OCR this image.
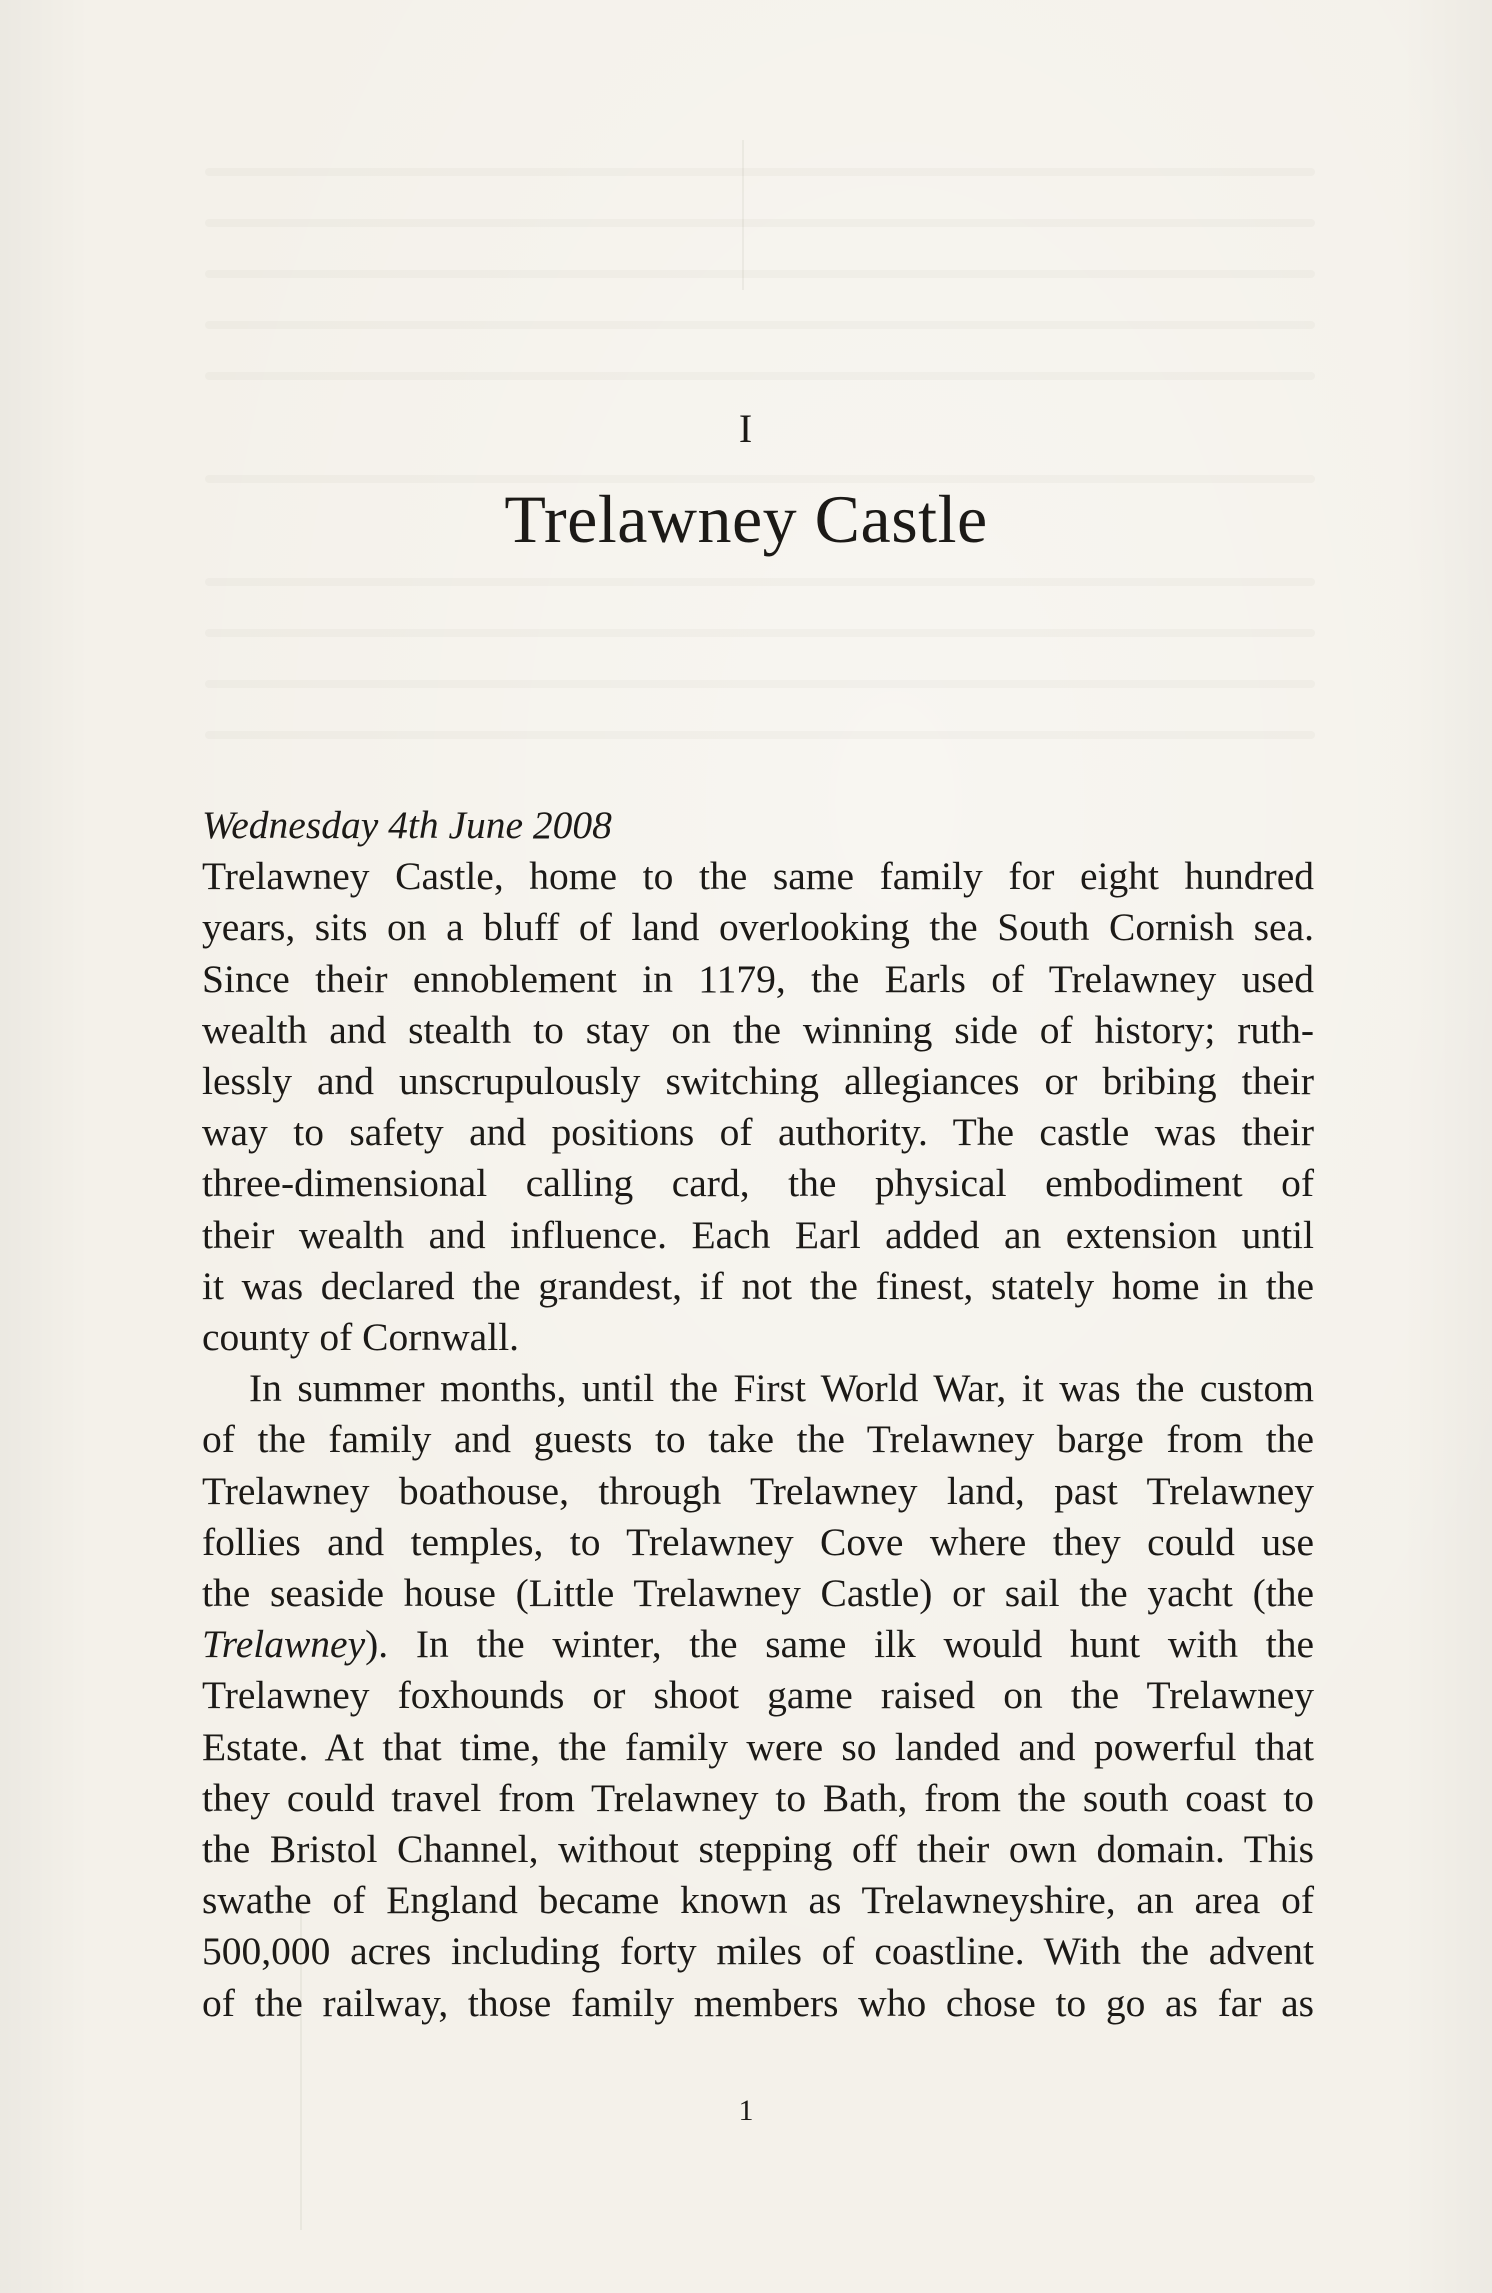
I
Trelawney Castle
Wednesday 4th June 2008
Trelawney Castle, home to the same family for eight hundred
years, sits on a bluff of land overlooking the South Cornish sea.
Since their ennoblement in 1179, the Earls of Trelawney used
wealth and stealth to stay on the winning side of history; ruth-
lessly and unscrupulously switching allegiances or bribing their
way to safety and positions of authority. The castle was their
three-dimensional calling card, the physical embodiment of
their wealth and influence. Each Earl added an extension until
it was declared the grandest, if not the finest, stately home in the
county of Cornwall.
In summer months, until the First World War, it was the custom
of the family and guests to take the Trelawney barge from the
Trelawney boathouse, through Trelawney land, past Trelawney
follies and temples, to Trelawney Cove where they could use
the seaside house (Little Trelawney Castle) or sail the yacht (the
Trelawney). In the winter, the same ilk would hunt with the
Trelawney foxhounds or shoot game raised on the Trelawney
Estate. At that time, the family were so landed and powerful that
they could travel from Trelawney to Bath, from the south coast to
the Bristol Channel, without stepping off their own domain. This
swathe of England became known as Trelawneyshire, an area of
500,000 acres including forty miles of coastline. With the advent
of the railway, those family members who chose to go as far as
1
